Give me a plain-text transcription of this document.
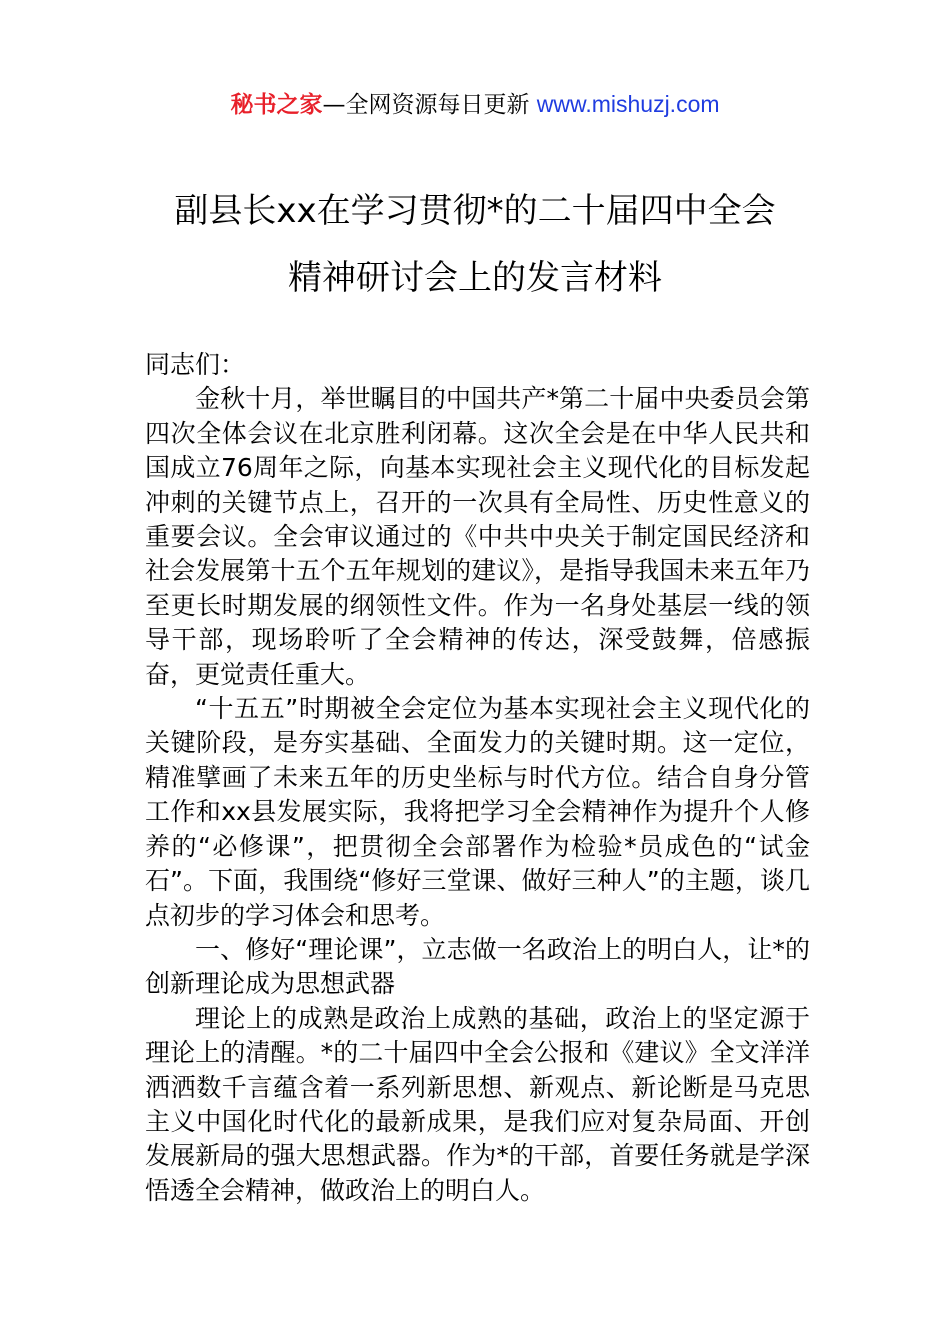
秘书之家—全网资源每日更新 www.mishuzj.com
副县长xx在学习贯彻*的二十届四中全会
精神研讨会上的发言材料

同志们：

金秋十月，举世瞩目的中国共产*第二十届中央委员会第四次全体会议在北京胜利闭幕。这次全会是在中华人民共和国成立76周年之际，向基本实现社会主义现代化的目标发起冲刺的关键节点上，召开的一次具有全局性、历史性意义的重要会议。全会审议通过的《中共中央关于制定国民经济和社会发展第十五个五年规划的建议》，是指导我国未来五年乃至更长时期发展的纲领性文件。作为一名身处基层一线的领导干部，现场聆听了全会精神的传达，深受鼓舞，倍感振奋，更觉责任重大。

“十五五”时期被全会定位为基本实现社会主义现代化的关键阶段，是夯实基础、全面发力的关键时期。这一定位，精准擘画了未来五年的历史坐标与时代方位。结合自身分管工作和xx县发展实际，我将把学习全会精神作为提升个人修养的“必修课”，把贯彻全会部署作为检验*员成色的“试金石”。下面，我围绕“修好三堂课、做好三种人”的主题，谈几点初步的学习体会和思考。

一、修好“理论课”，立志做一名政治上的明白人，让*的创新理论成为思想武器

理论上的成熟是政治上成熟的基础，政治上的坚定源于理论上的清醒。*的二十届四中全会公报和《建议》全文洋洋洒洒数千言蕴含着一系列新思想、新观点、新论断是马克思主义中国化时代化的最新成果，是我们应对复杂局面、开创发展新局的强大思想武器。作为*的干部，首要任务就是学深悟透全会精神，做政治上的明白人。
